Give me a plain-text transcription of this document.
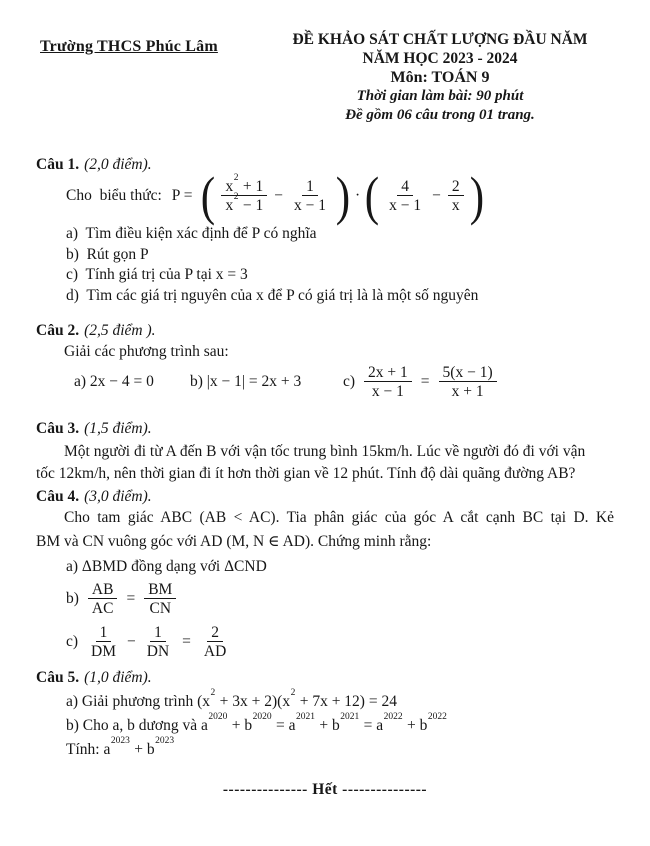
Trường THCS Phúc Lâm	ĐỀ KHẢO SÁT CHẤT LƯỢNG ĐẦU NĂM
NĂM HỌC 2023 - 2024
Môn: TOÁN 9
Thời gian làm bài: 90 phút
Đề gồm 06 câu trong 01 trang.
Câu 1. (2,0 điểm).
Cho  biểu thức: P = ( $\frac{x^2 + 1}{x^2 - 1} - \frac{1}{x - 1}$ ) · ( $\frac{4}{x - 1} - \frac{2}{x}$ )
a)  Tìm điều kiện xác định để P có nghĩa
b)  Rút gọn P
c)  Tính giá trị của P tại x = 3
d)  Tìm các giá trị nguyên của x để P có giá trị là là một số nguyên
Câu 2. (2,5 điểm ).
Giải các phương trình sau:
a) 2x − 4 = 0 b) |x − 1| = 2x + 3	$c) \frac{2x + 1}{x - 1} = \frac{5(x - 1)}{x + 1}$
Câu 3. (1,5 điểm).
Một người đi từ A đến B với vận tốc trung bình 15km/h. Lúc về người đó đi với vận
tốc 12km/h, nên thời gian đi ít hơn thời gian về 12 phút. Tính độ dài quãng đường AB?
Câu 4. (3,0 điểm).
Cho tam giác ABC (AB < AC). Tia phân giác của góc A cắt cạnh BC tại D. Kẻ
BM và CN vuông góc với AD (M, N ∈ AD). Chứng minh rằng:
a) ΔBMD đồng dạng với ΔCND
$b) \frac{AB}{AC} = \frac{BM}{CN}$
$c) \frac{1}{DM} - \frac{1}{DN} = \frac{2}{AD}$
Câu 5. (1,0 điểm).
a) Giải phương trình $(x^2 + 3x + 2)(x^2 + 7x + 12) = 24$
b) Cho a, b dương và $a^{2020} + b^{2020} = a^{2021} + b^{2021} = a^{2022} + b^{2022}$
Tính: $a^{2023} + b^{2023}$
--------------- Hết ---------------
